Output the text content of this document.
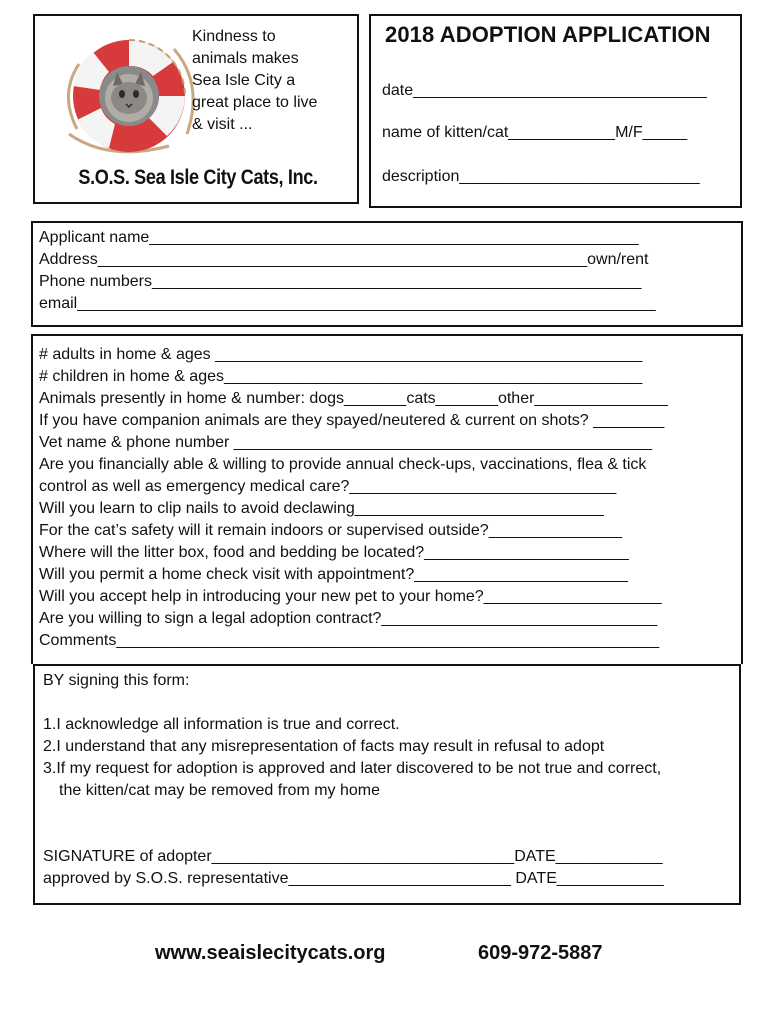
Kindness to
animals makes
Sea Isle City a
great place to live
& visit ...
S.O.S. Sea Isle City Cats, Inc.
2018 ADOPTION APPLICATION
date_________________________________
name of kitten/cat____________M/F_____
description___________________________
Applicant name_______________________________________________________
Address_______________________________________________________own/rent
Phone numbers_______________________________________________________
email_________________________________________________________________
# adults in home & ages ________________________________________________
# children in home & ages_______________________________________________
Animals presently in home & number: dogs_______cats_______other_______________
If you have companion animals are they spayed/neutered & current on shots? ________
Vet name & phone number _______________________________________________
Are you financially able & willing to provide annual check-ups, vaccinations, flea & tick
control as well as emergency medical care?______________________________
Will you learn to clip nails to avoid declawing____________________________
For the cat’s safety will it remain indoors or supervised outside?_______________
Where will the litter box, food and bedding be located?_______________________
Will you permit a home check visit with appointment?________________________
Will you accept help in introducing your new pet to your home?____________________
Are you willing to sign a legal adoption contract?_______________________________
Comments_____________________________________________________________
BY signing this form:
1.I acknowledge all information is true and correct.
2.I understand that any misrepresentation of facts may result in refusal to adopt
3.If my request for adoption is approved and later discovered to be not true and correct,
the kitten/cat may be removed from my home
SIGNATURE of adopter__________________________________DATE____________
approved by S.O.S. representative_________________________ DATE____________
www.seaislecitycats.org	609-972-5887
